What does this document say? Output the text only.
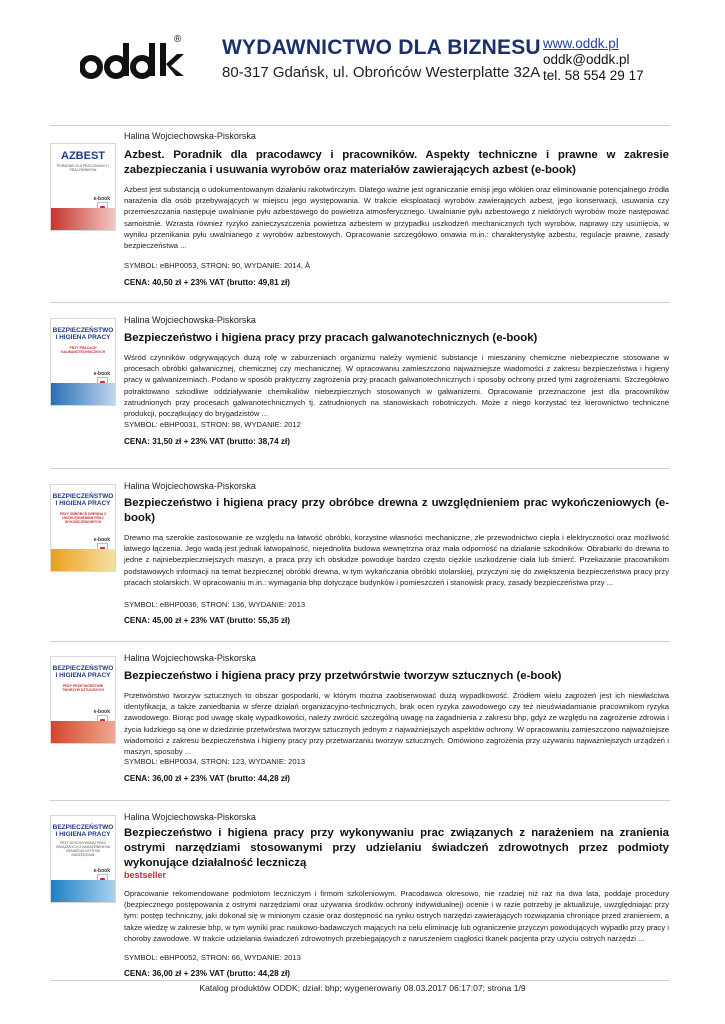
® WYDAWNICTWO DLA BIZNESU
80-317 Gdańsk, ul. Obrońców Westerplatte 32A
www.oddk.pl
oddk@oddk.pl
tel. 58 554 29 17
AZBEST
PORADNIK DLA PRACODAWCY I PRACOWNIKÓW
e-book
Halina Wojciechowska-Piskorska
Azbest. Poradnik dla pracodawcy i pracowników. Aspekty techniczne i prawne w zakresie zabezpieczania i usuwania wyrobów oraz materiałów zawierających azbest (e-book)

Azbest jest substancją o udokumentowanym działaniu rakotwórczym. Dlatego ważne jest ograniczanie emisji jego włókien oraz eliminowanie potencjalnego źródła narażenia dla osób przebywających w miejscu jego występowania. W trakcie eksploatacji wyrobów zawierających azbest, jego konserwacji, usuwania czy przemieszczania następuje uwalnianie pyłu azbestowego do powietrza atmosferycznego. Uwalnianie pyłu azbestowego z niektórych wyrobów może następować samoistnie. Wzrasta również ryzyko zanieczyszczenia powietrza azbestem w przypadku uszkodzeń mechanicznych tych wyrobów, naprawy czy usunięcia, w wyniku przenikania pyłu uwalnianego z wyrobów azbestowych. Opracowanie szczegółowo omawia m.in.: charakterystykę azbestu, regulacje prawne, zasady bezpieczeństwa ...

SYMBOL: eBHP0053, STRON: 90, WYDANIE: 2014, Â
CENA: 40,50 zł + 23% VAT (brutto: 49,81 zł)
BEZPIECZEŃSTWO I HIGIENA PRACY
PRZY PRACACH GALWANOTECHNICZNYCH
e-book
Halina Wojciechowska-Piskorska
Bezpieczeństwo i higiena pracy przy pracach galwanotechnicznych (e-book)

Wśród czynników odgrywających dużą rolę w zaburzeniach organizmu należy wymienić substancje i mieszaniny chemiczne niebezpieczne stosowane w procesach obróbki galwanicznej, chemicznej czy mechanicznej. W opracowaniu zamieszczono najważniejsze wiadomości z zakresu bezpieczeństwa i higieny pracy w galwanizerniach. Podano w sposób praktyczny zagrożenia przy pracach galwanotechnicznych i sposoby ochrony przed tymi zagrożeniami. Szczegółowo potraktowano szkodliwe oddziaływanie chemikaliów niebezpiecznych stosowanych w galwanizerni. Opracowanie przeznaczone jest dla pracowników zatrudnionych przy procesach galwanotechnicznych tj. zatrudnionych na stanowiskach robotniczych. Może z niego korzystać też kierownictwo techniczne produkcji, początkujący do brygadzistów ...

SYMBOL: eBHP0031, STRON: 98, WYDANIE: 2012
CENA: 31,50 zł + 23% VAT (brutto: 38,74 zł)
BEZPIECZEŃSTWO I HIGIENA PRACY
PRZY OBRÓBCE DREWNA Z UWZGLĘDNIENIEM PRAC WYKOŃCZENIOWYCH
e-book
Halina Wojciechowska-Piskorska
Bezpieczeństwo i higiena pracy przy obróbce drewna z uwzględnieniem prac wykończeniowych (e-book)

Drewno ma szerokie zastosowanie ze względu na łatwość obróbki, korzystne własności mechaniczne, złe przewodnictwo ciepła i elektryczności oraz możliwość łatwego łączenia. Jego wadą jest jednak łatwopalność, niejednolita budowa wewnętrzna oraz mała odporność na działanie szkodników. Obrabiarki do drewna to jedne z najniebezpieczniejszych maszyn, a praca przy ich obsłudze powoduje bardzo często ciężkie uszkodzenie ciała lub śmierć. Przekazanie pracownikom podstawowych informacji na temat bezpiecznej obróbki drewna, w tym wykańczania obróbki stolarskiej, przyczyni się do zwiększenia bezpieczeństwa pracy przy pracach stolarskich. W opracowaniu m.in.: wymagania bhp dotyczące budynków i pomieszczeń i stanowisk pracy, zasady bezpieczeństwa przy ...

SYMBOL: eBHP0036, STRON: 136, WYDANIE: 2013
CENA: 45,00 zł + 23% VAT (brutto: 55,35 zł)
BEZPIECZEŃSTWO I HIGIENA PRACY
PRZY PRZETWÓRSTWIE TWORZYW SZTUCZNYCH
e-book
Halina Wojciechowska-Piskorska
Bezpieczeństwo i higiena pracy przy przetwórstwie tworzyw sztucznych (e-book)

Przetwórstwo tworzyw sztucznych to obszar gospodarki, w którym można zaobserwować dużą wypadkowość. Źródłem wielu zagrożeń jest ich niewłaściwa identyfikacja, a także zaniedbania w sferze działań organizacyjno-technicznych, brak ocen ryzyka zawodowego czy też nieuświadamianie pracownikom ryzyka zawodowego. Biorąc pod uwagę skalę wypadkowości, należy zwrócić szczególną uwagę na zagadnienia z zakresu bhp, gdyż ze względu na zagrożenie zdrowia i życia ludzkiego są one w dziedzinie przetwórstwa tworzyw sztucznych jednym z najważniejszych aspektów ochrony. W opracowaniu zamieszczono najważniejsze wiadomości z zakresu bezpieczeństwa i higieny pracy przy przetwarzaniu tworzyw sztucznych. Omówiono zagrożenia przy używaniu najważniejszych urządzeń i maszyn, sposoby ...

SYMBOL: eBHP0034, STRON: 123, WYDANIE: 2013
CENA: 36,00 zł + 23% VAT (brutto: 44,28 zł)
BEZPIECZEŃSTWO I HIGIENA PRACY
PRZY WYKONYWANIU PRAC ZWIĄZANYCH Z NARAŻENIEM NA ZRANIENIA OSTRYMI NARZĘDZIAMI
e-book
Halina Wojciechowska-Piskorska
Bezpieczeństwo i higiena pracy przy wykonywaniu prac związanych z narażeniem na zranienia ostrymi narzędziami stosowanymi przy udzielaniu świadczeń zdrowotnych przez podmioty wykonujące działalność leczniczą
bestseller

Opracowanie rekomendowane podmiotom leczniczym i firmom szkoleniowym. Pracodawca okresowo, nie rzadziej niż raz na dwa lata, poddaje procedury (bezpiecznego postępowania z ostrymi narzędziami oraz używania środków ochrony indywidualnej) ocenie i w razie potrzeby je aktualizuje, uwzględniając przy tym: postęp techniczny, jaki dokonał się w minionym czasie oraz dostępność na rynku ostrych narzędzi zawierających rozwiązania chroniące przed zranieniem, a także wiedzę w zakresie bhp, w tym wyniki prac naukowo-badawczych mających na celu eliminację lub ograniczenie przyczyn powodujących wypadki przy pracy i choroby zawodowe. W trakcie udzielania świadczeń zdrowotnych przebiegających z naruszeniem ciągłości tkanek pacjenta przy użyciu ostrych narzędzi ...

SYMBOL: eBHP0052, STRON: 66, WYDANIE: 2013
CENA: 36,00 zł + 23% VAT (brutto: 44,28 zł)
Katalog produktów ODDK; dział: bhp; wygenerowany 08.03.2017 06:17:07; strona 1/9
